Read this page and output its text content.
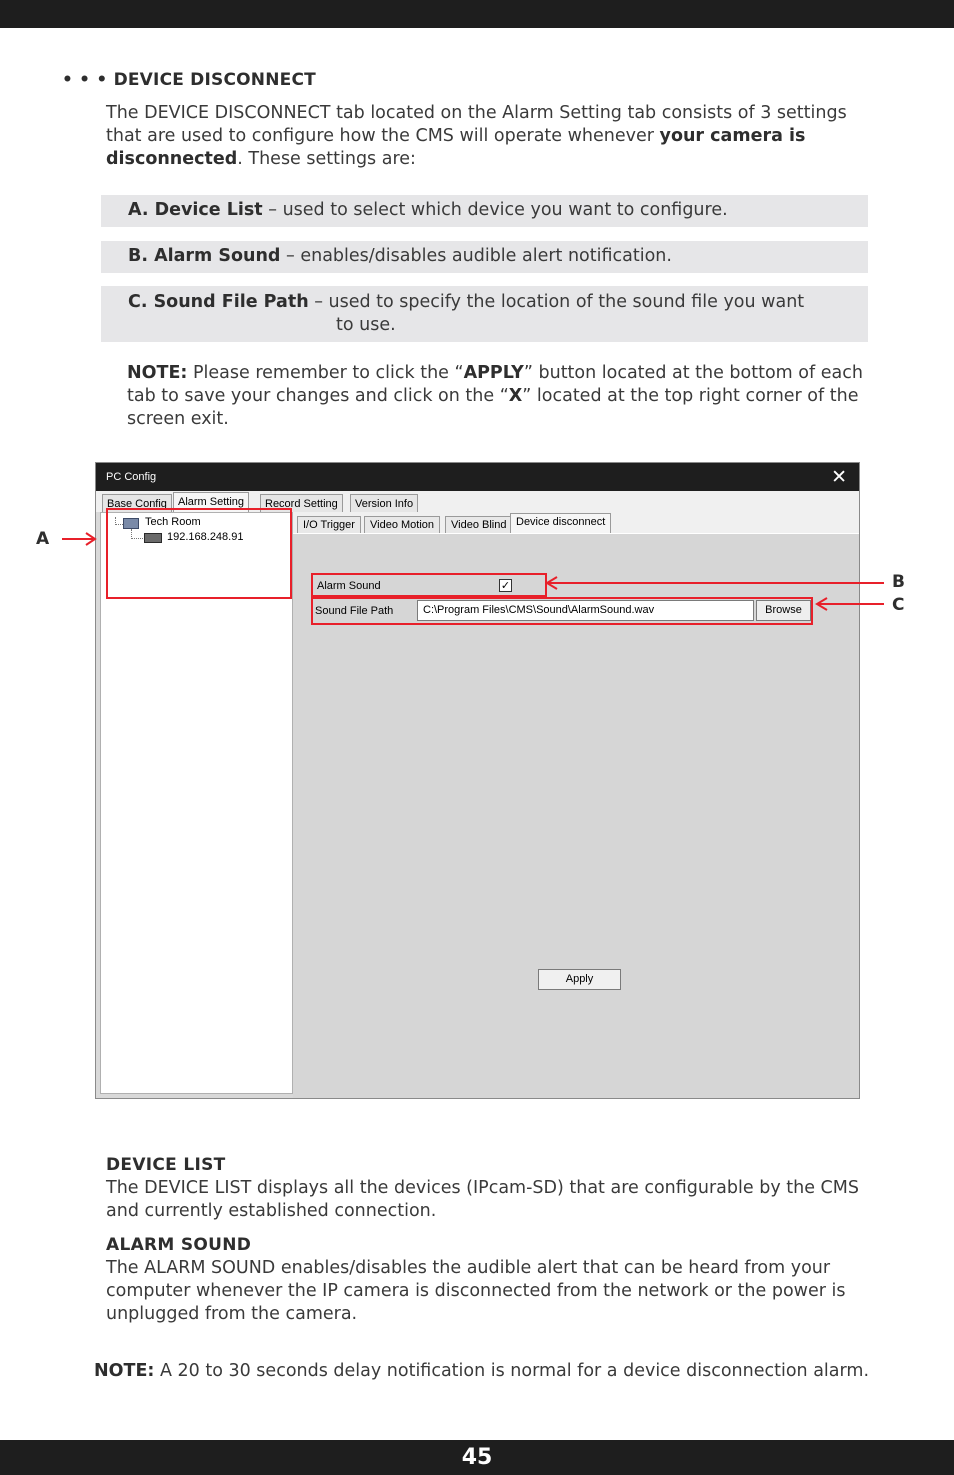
• • • DEVICE DISCONNECT

The DEVICE DISCONNECT tab located on the Alarm Setting tab consists of 3 settings that are used to configure how the CMS will operate whenever your camera is disconnected. These settings are:

A. Device List – used to select which device you want to configure.
B. Alarm Sound – enables/disables audible alert notification.
C. Sound File Path – used to specify the location of the sound file you want
to use.

NOTE: Please remember to click the “APPLY” button located at the bottom of each tab to save your changes and click on the “X” located at the top right corner of the screen exit.

PC Config	✕
Base Config	Alarm Setting	Record Setting	Version Info
Tech Room
192.168.248.91
I/O Trigger	Video Motion	Video Blind Device disconnect
Alarm Sound	✓
Sound File Path	C:\Program Files\CMS\Sound\AlarmSound.wav	Browse
Apply
A
B
C
DEVICE LIST

The DEVICE LIST displays all the devices (IPcam-SD) that are configurable by the CMS and currently established connection.

ALARM SOUND

The ALARM SOUND enables/disables the audible alert that can be heard from your computer whenever the IP camera is disconnected from the network or the power is unplugged from the camera.

NOTE: A 20 to 30 seconds delay notification is normal for a device disconnection alarm.

45
